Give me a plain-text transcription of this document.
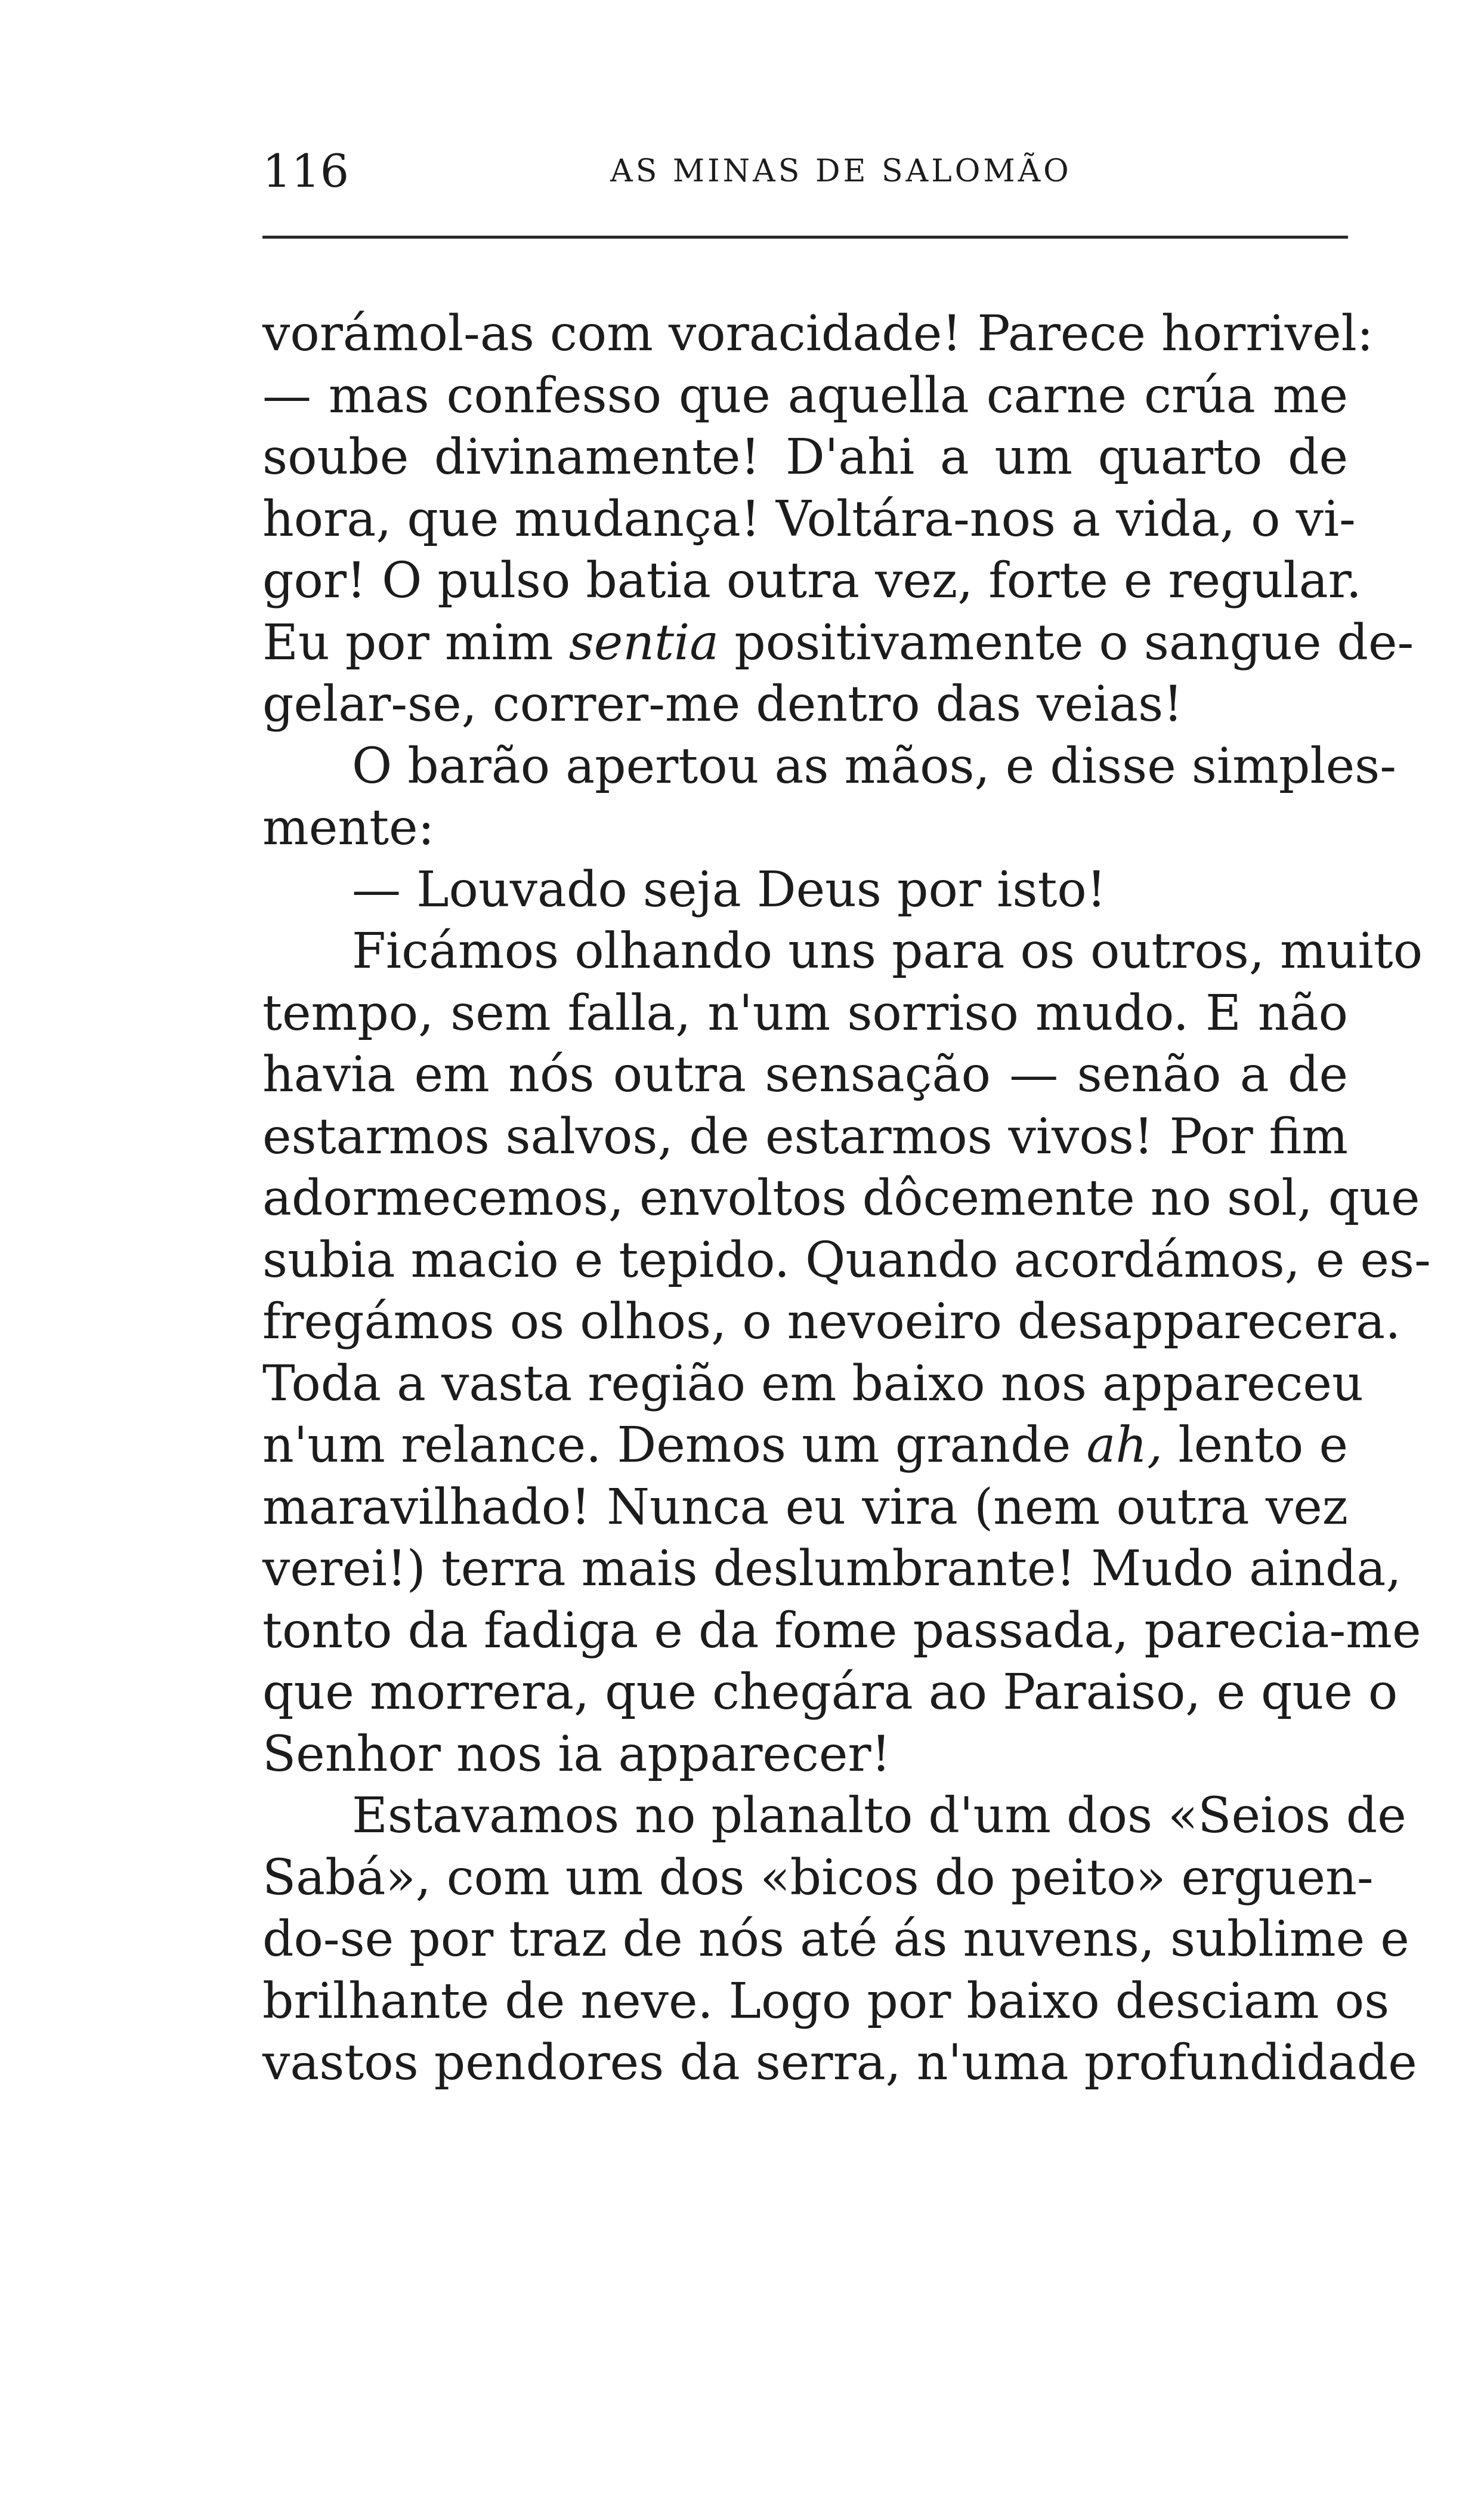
116	AS MINAS DE SALOMÃO
vorámol-as com voracidade! Parece horrivel:
— mas confesso que aquella carne crúa me
soube divinamente! D'ahi a um quarto de
hora, que mudança! Voltára-nos a vida, o vi-
gor! O pulso batia outra vez, forte e regular.
Eu por mim sentia positivamente o sangue de-
gelar-se, correr-me dentro das veias!
O barão apertou as mãos, e disse simples-
mente:
— Louvado seja Deus por isto!
Ficámos olhando uns para os outros, muito
tempo, sem falla, n'um sorriso mudo. E não
havia em nós outra sensação — senão a de
estarmos salvos, de estarmos vivos! Por fim
adormecemos, envoltos dôcemente no sol, que
subia macio e tepido. Quando acordámos, e es-
fregámos os olhos, o nevoeiro desapparecera.
Toda a vasta região em baixo nos appareceu
n'um relance. Demos um grande ah, lento e
maravilhado! Nunca eu vira (nem outra vez
verei!) terra mais deslumbrante! Mudo ainda,
tonto da fadiga e da fome passada, parecia-me
que morrera, que chegára ao Paraiso, e que o
Senhor nos ia apparecer!
Estavamos no planalto d'um dos «Seios de
Sabá», com um dos «bicos do peito» erguen-
do-se por traz de nós até ás nuvens, sublime e
brilhante de neve. Logo por baixo desciam os
vastos pendores da serra, n'uma profundidade
